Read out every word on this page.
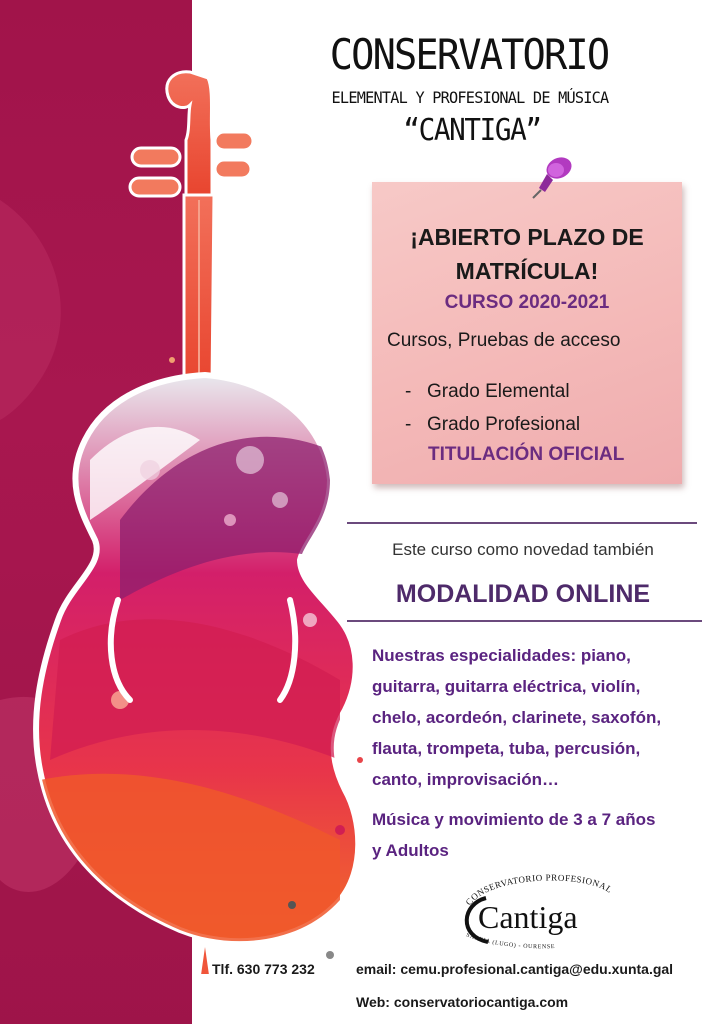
CONSERVATORIO

ELEMENTAL Y PROFESIONAL DE MÚSICA

“CANTIGA”

¡ABIERTO PLAZO DE
MATRÍCULA!

CURSO 2020-2021

Cursos, Pruebas de acceso

- Grado Elemental
- Grado Profesional

TITULACIÓN OFICIAL

Este curso como novedad también

MODALIDAD ONLINE

Nuestras especialidades: piano,
guitarra, guitarra eléctrica, violín,
chelo, acordeón, clarinete, saxofón,
flauta, trompeta, tuba, percusión,
canto, improvisación…

Música y movimiento de 3 a 7 años
y Adultos

CONSERVATORIO PROFESIONAL
Cantiga
SARRIA (LUGO) - OURENSE

Tlf. 630 773 232	email: cemu.profesional.cantiga@edu.xunta.gal

Web: conservatoriocantiga.com
